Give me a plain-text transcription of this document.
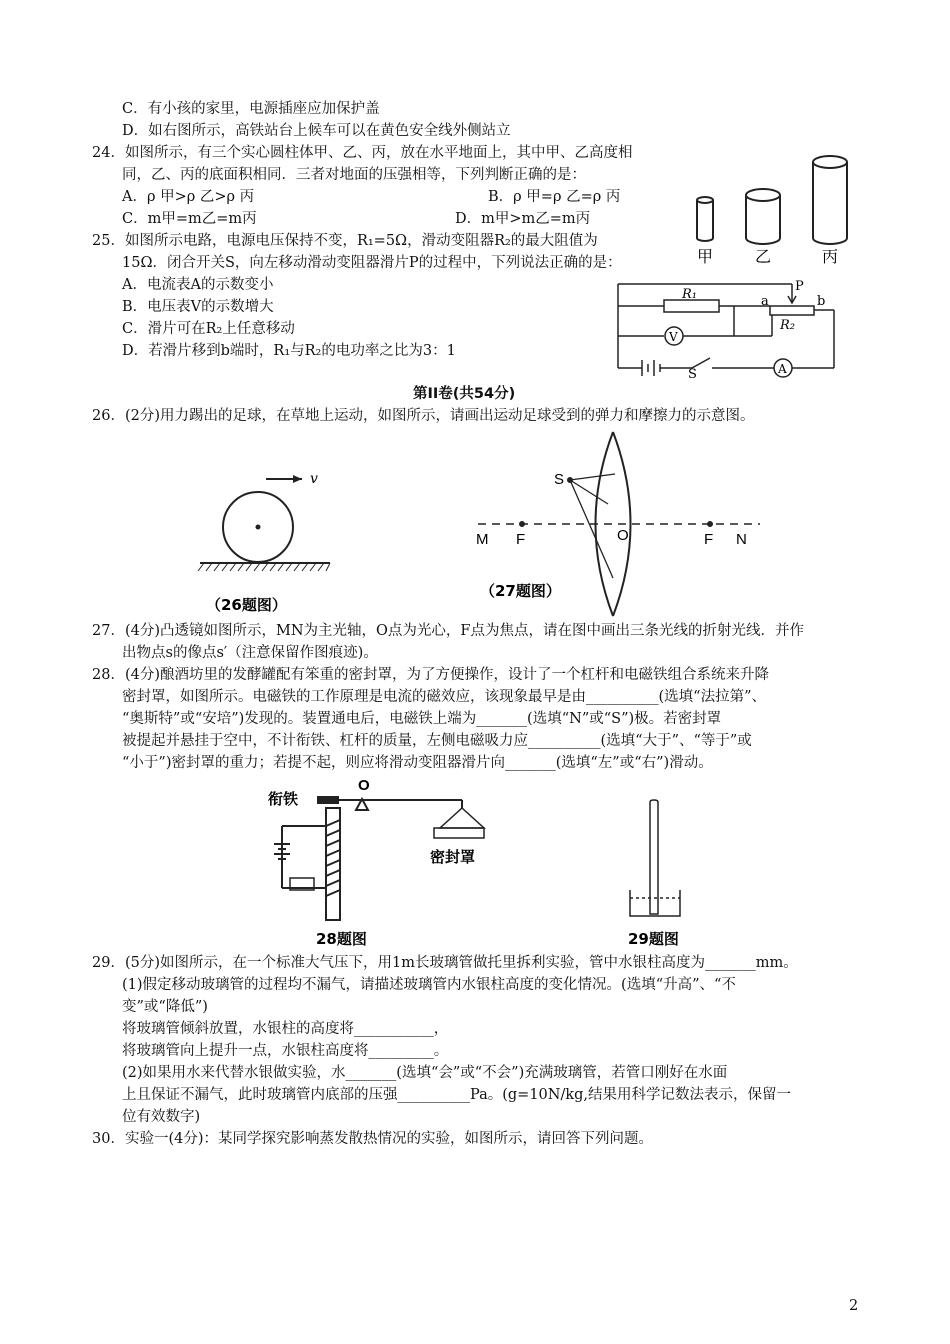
C．有小孩的家里，电源插座应加保护盖
D．如右图所示，高铁站台上候车可以在黄色安全线外侧站立
24．如图所示，有三个实心圆柱体甲、乙、丙，放在水平地面上，其中甲、乙高度相
同，乙、丙的底面积相同．三者对地面的压强相等，下列判断正确的是：
A．ρ 甲>ρ 乙>ρ 丙	B．ρ 甲=ρ 乙=ρ 丙
C．m甲=m乙=m丙	D．m甲>m乙=m丙
甲	乙	丙
25．如图所示电路，电源电压保持不变，R₁=5Ω，滑动变阻器R₂的最大阻值为
15Ω．闭合开关S，向左移动滑动变阻器滑片P的过程中，下列说法正确的是：
A．电流表A的示数变小
B．电压表V的示数增大
C．滑片可在R₂上任意移动
D．若滑片移到b端时，R₁与R₂的电功率之比为3：1
P
a	b
R₁
R₂
V
A
S
第II卷(共54分)
26．(2分)用力踢出的足球，在草地上运动，如图所示，请画出运动足球受到的弹力和摩擦力的示意图。
v
（26题图）
S
M F	O	F N
（27题图）
27．(4分)凸透镜如图所示，MN为主光轴，O点为光心，F点为焦点，请在图中画出三条光线的折射光线．并作
出物点s的像点s′（注意保留作图痕迹)。
28．(4分)酿酒坊里的发酵罐配有笨重的密封罩，为了方便操作，设计了一个杠杆和电磁铁组合系统来升降
密封罩，如图所示。电磁铁的工作原理是电流的磁效应，该现象最早是由__________(选填“法拉第”、
“奥斯特”或“安培”)发现的。装置通电后，电磁铁上端为_______(选填“N”或“S”)极。若密封罩
被提起并悬挂于空中，不计衔铁、杠杆的质量，左侧电磁吸力应__________(选填“大于”、“等于”或
“小于”)密封罩的重力；若提不起，则应将滑动变阻器滑片向_______(选填“左”或“右”)滑动。
O
衔铁
密封罩
28题图	29题图
29．(5分)如图所示，在一个标准大气压下，用1m长玻璃管做托里拆利实验，管中水银柱高度为_______mm。
(1)假定移动玻璃管的过程均不漏气，请描述玻璃管内水银柱高度的变化情况。(选填“升高”、“不
变”或“降低”)
将玻璃管倾斜放置，水银柱的高度将___________，
将玻璃管向上提升一点，水银柱高度将_________。
(2)如果用水来代替水银做实验，水_______(选填“会”或“不会”)充满玻璃管，若管口刚好在水面
上且保证不漏气，此时玻璃管内底部的压强__________Pa。(g=10N/kg,结果用科学记数法表示，保留一
位有效数字)
30．实验一(4分)：某同学探究影响蒸发散热情况的实验，如图所示，请回答下列问题。
2
